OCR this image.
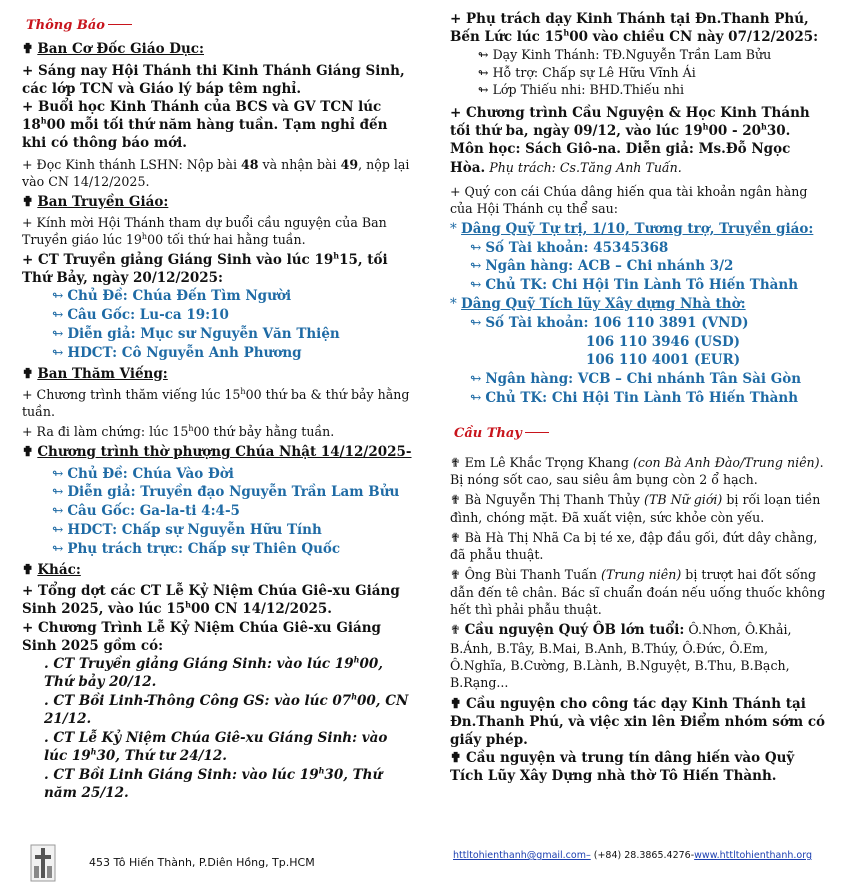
Thông Báo
✟ Ban Cơ Đốc Giáo Dục:
+ Sáng nay Hội Thánh thi Kinh Thánh Giáng Sinh, các lớp TCN và Giáo lý báp têm nghỉ.
+ Buổi học Kinh Thánh của BCS và GV TCN lúc 18$^h$00 mỗi tối thứ năm hàng tuần. Tạm nghỉ đến khi có thông báo mới.
+ Đọc Kinh thánh LSHN: Nộp bài 48 và nhận bài 49, nộp lại vào CN 14/12/2025.
✟ Ban Truyền Giáo:
+ Kính mời Hội Thánh tham dự buổi cầu nguyện của Ban Truyền giáo lúc 19$^h$00 tối thứ hai hằng tuần.
+ CT Truyền giảng Giáng Sinh vào lúc 19$^h$15, tối Thứ Bảy, ngày 20/12/2025:
↬ Chủ Đề: Chúa Đến Tìm Người
↬ Câu Gốc: Lu-ca 19:10
↬ Diễn giả: Mục sư Nguyễn Văn Thiện
↬ HDCT: Cô Nguyễn Anh Phương
✟ Ban Thăm Viếng:
+ Chương trình thăm viếng lúc 15$^h$00 thứ ba & thứ bảy hằng tuần.
+ Ra đi làm chứng: lúc 15$^h$00 thứ bảy hằng tuần.
✟ Chương trình thờ phượng Chúa Nhật 14/12/2025-
↬ Chủ Đề: Chúa Vào Đời
↬ Diễn giả: Truyền đạo Nguyễn Trần Lam Bửu
↬ Câu Gốc: Ga-la-ti 4:4-5
↬ HDCT: Chấp sự Nguyễn Hữu Tính
↬ Phụ trách trực: Chấp sự Thiên Quốc
✟ Khác:
+ Tổng dợt các CT Lễ Kỷ Niệm Chúa Giê-xu Giáng Sinh 2025, vào lúc 15$^h$00 CN 14/12/2025.
+ Chương Trình Lễ Kỷ Niệm Chúa Giê-xu Giáng Sinh 2025 gồm có:
. CT Truyền giảng Giáng Sinh: vào lúc 19$^h$00, Thứ bảy 20/12.
. CT Bồi Linh-Thông Công GS: vào lúc 07$^h$00, CN 21/12.
. CT Lễ Kỷ Niệm Chúa Giê-xu Giáng Sinh: vào lúc 19$^h$30, Thứ tư 24/12.
. CT Bồi Linh Giáng Sinh: vào lúc 19$^h$30, Thứ năm 25/12.
+ Phụ trách dạy Kinh Thánh tại Đn.Thanh Phú, Bến Lức lúc 15$^h$00 vào chiều CN này 07/12/2025:
↬ Dạy Kinh Thánh: TĐ.Nguyễn Trần Lam Bửu
↬ Hỗ trợ: Chấp sự Lê Hữu Vĩnh Ái
↬ Lớp Thiếu nhi: BHD.Thiếu nhi
+ Chương trình Cầu Nguyện & Học Kinh Thánh tối thứ ba, ngày 09/12, vào lúc 19$^h$00 - 20$^h$30. Môn học: Sách Giô-na. Diễn giả: Ms.Đỗ Ngọc Hòa. Phụ trách: Cs.Tăng Anh Tuấn.
+ Quý con cái Chúa dâng hiến qua tài khoản ngân hàng của Hội Thánh cụ thể sau:
* Dâng Quỹ Tự trị, 1/10, Tương trợ, Truyền giáo:
↬ Số Tài khoản: 45345368
↬ Ngân hàng: ACB – Chi nhánh 3/2
↬ Chủ TK: Chi Hội Tin Lành Tô Hiến Thành
* Dâng Quỹ Tích lũy Xây dựng Nhà thờ:
↬ Số Tài khoản: 106 110 3891 (VND)
106 110 3946 (USD)
106 110 4001 (EUR)
↬ Ngân hàng: VCB – Chi nhánh Tân Sài Gòn
↬ Chủ TK: Chi Hội Tin Lành Tô Hiến Thành
Cầu Thay
✟ Em Lê Khắc Trọng Khang (con Bà Anh Đào/Trung niên). Bị nóng sốt cao, sau siêu âm bụng còn 2 ổ hạch.
✟ Bà Nguyễn Thị Thanh Thủy (TB Nữ giới) bị rối loạn tiền đình, chóng mặt. Đã xuất viện, sức khỏe còn yếu.
✟ Bà Hà Thị Nhã Ca bị té xe, đập đầu gối, đứt dây chằng, đã phẫu thuật.
✟ Ông Bùi Thanh Tuấn (Trung niên) bị trượt hai đốt sống dẫn đến tê chân. Bác sĩ chuẩn đoán nếu uống thuốc không hết thì phải phẫu thuật.
✟ Cầu nguyện Quý ÔB lớn tuổi: Ô.Nhơn, Ô.Khải, B.Ánh, B.Tây, B.Mai, B.Anh, B.Thúy, Ô.Đức, Ô.Em, Ô.Nghĩa, B.Cường, B.Lành, B.Nguyệt, B.Thu, B.Bạch, B.Rạng...
✟ Cầu nguyện cho công tác dạy Kinh Thánh tại Đn.Thanh Phú, và việc xin lên Điểm nhóm sớm có giấy phép.
✟ Cầu nguyện và trung tín dâng hiến vào Quỹ Tích Lũy Xây Dựng nhà thờ Tô Hiến Thành.
453 Tô Hiến Thành, P.Diên Hồng, Tp.HCM
httltohienthanh@gmail.com– (+84) 28.3865.4276-www.httltohienthanh.org
